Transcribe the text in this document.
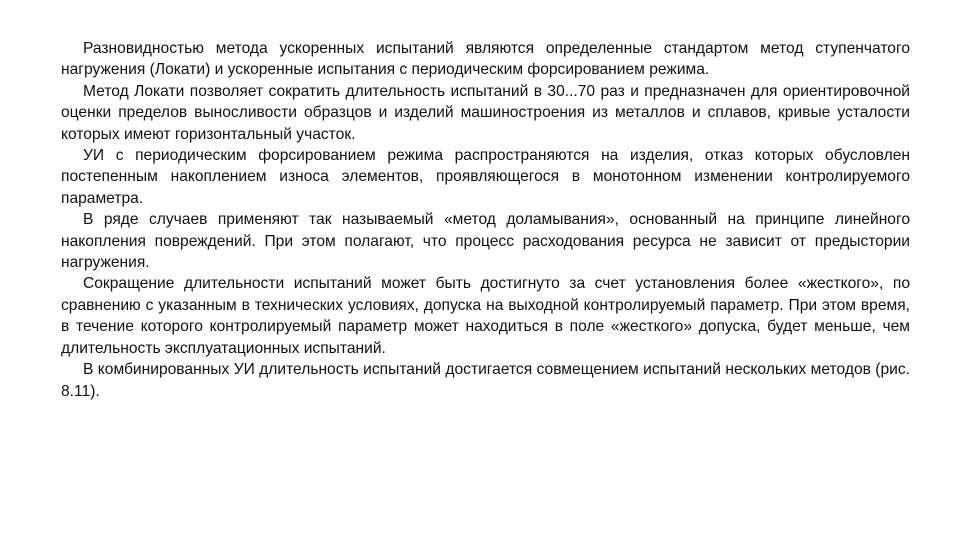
Разновидностью метода ускоренных испытаний являются определенные стандартом метод ступенчатого нагружения (Локати) и ускоренные испытания с периодическим форсированием режима.

Метод Локати позволяет сократить длительность испытаний в 30...70 раз и предназначен для ориентировочной оценки пределов выносливости образцов и изделий машиностроения из металлов и сплавов, кривые усталости которых имеют горизонтальный участок.

УИ с периодическим форсированием режима распространяются на изделия, отказ которых обусловлен постепенным накоплением износа элементов, проявляющегося в монотонном изменении контролируемого параметра.

В ряде случаев применяют так называемый «метод доламывания», основанный на принципе линейного накопления повреждений. При этом полагают, что процесс расходования ресурса не зависит от предыстории нагружения.

Сокращение длительности испытаний может быть достигнуто за счет установления более «жесткого», по сравнению с указанным в технических условиях, допуска на выходной контролируемый параметр. При этом время, в течение которого контролируемый параметр может находиться в поле «жесткого» допуска, будет меньше, чем длительность эксплуатационных испытаний.

В комбинированных УИ длительность испытаний достигается совмещением испытаний нескольких методов (рис. 8.11).
